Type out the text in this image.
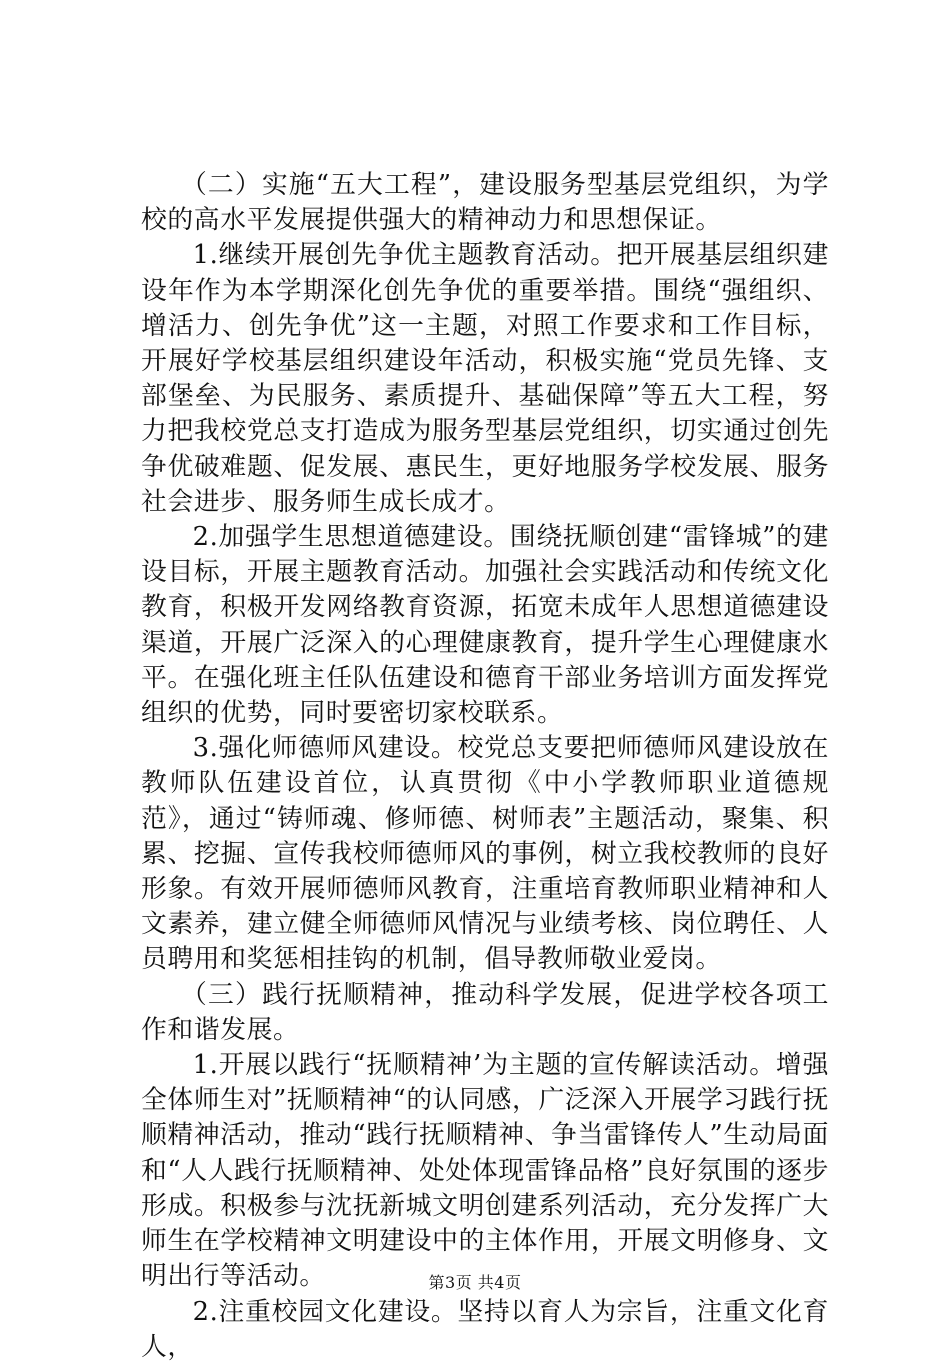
（二）实施“五大工程”，建设服务型基层党组织，为学校的高水平发展提供强大的精神动力和思想保证。

1.继续开展创先争优主题教育活动。把开展基层组织建设年作为本学期深化创先争优的重要举措。围绕“强组织、增活力、创先争优”这一主题，对照工作要求和工作目标，开展好学校基层组织建设年活动，积极实施“党员先锋、支部堡垒、为民服务、素质提升、基础保障”等五大工程，努力把我校党总支打造成为服务型基层党组织，切实通过创先争优破难题、促发展、惠民生，更好地服务学校发展、服务社会进步、服务师生成长成才。

2.加强学生思想道德建设。围绕抚顺创建“雷锋城”的建设目标，开展主题教育活动。加强社会实践活动和传统文化教育，积极开发网络教育资源，拓宽未成年人思想道德建设渠道，开展广泛深入的心理健康教育，提升学生心理健康水平。在强化班主任队伍建设和德育干部业务培训方面发挥党组织的优势，同时要密切家校联系。

3.强化师德师风建设。校党总支要把师德师风建设放在教师队伍建设首位，认真贯彻《中小学教师职业道德规范》，通过“铸师魂、修师德、树师表”主题活动，聚集、积累、挖掘、宣传我校师德师风的事例，树立我校教师的良好形象。有效开展师德师风教育，注重培育教师职业精神和人文素养，建立健全师德师风情况与业绩考核、岗位聘任、人员聘用和奖惩相挂钩的机制，倡导教师敬业爱岗。

（三）践行抚顺精神，推动科学发展，促进学校各项工作和谐发展。

1.开展以践行“抚顺精神’为主题的宣传解读活动。增强全体师生对”抚顺精神“的认同感，广泛深入开展学习践行抚顺精神活动，推动“践行抚顺精神、争当雷锋传人”生动局面和“人人践行抚顺精神、处处体现雷锋品格”良好氛围的逐步形成。积极参与沈抚新城文明创建系列活动，充分发挥广大师生在学校精神文明建设中的主体作用，开展文明修身、文明出行等活动。

2.注重校园文化建设。坚持以育人为宗旨，注重文化育人，

第3页 共4页
